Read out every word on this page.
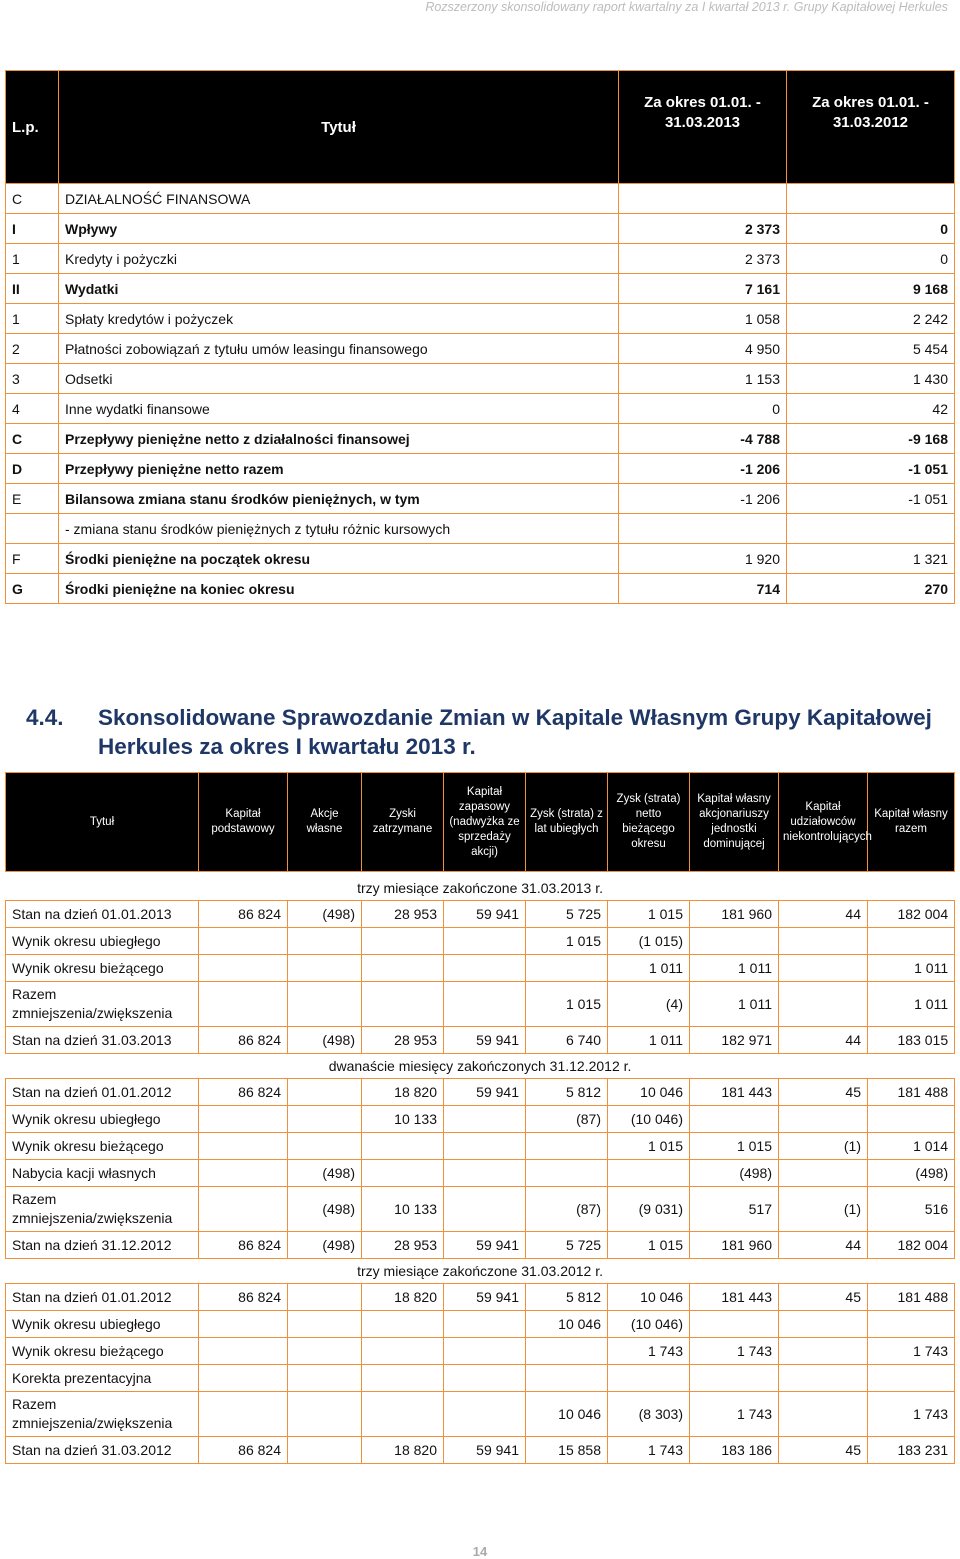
Rozszerzony skonsolidowany raport kwartalny za I kwartał 2013 r. Grupy Kapitałowej Herkules
L.p.	Tytuł	Za okres 01.01. - 31.03.2013	Za okres 01.01. - 31.03.2012
C	DZIAŁALNOŚĆ FINANSOWA		
I	Wpływy	2 373	0
1	Kredyty i pożyczki	2 373	0
II	Wydatki	7 161	9 168
1	Spłaty kredytów i pożyczek	1 058	2 242
2	Płatności zobowiązań z tytułu umów leasingu finansowego	4 950	5 454
3	Odsetki	1 153	1 430
4	Inne wydatki finansowe	0	42
C	Przepływy pieniężne netto z działalności finansowej	-4 788	-9 168
D	Przepływy pieniężne netto razem	-1 206	-1 051
E	Bilansowa zmiana stanu środków pieniężnych, w tym	-1 206	-1 051
	- zmiana stanu środków pieniężnych z tytułu różnic kursowych		
F	Środki pieniężne na początek okresu	1 920	1 321
G	Środki pieniężne na koniec okresu	714	270
4.4. Skonsolidowane Sprawozdanie Zmian w Kapitale Własnym Grupy Kapitałowej Herkules za okres I kwartału 2013 r.
Tytuł	Kapitał podstawowy	Akcje własne	Zyski zatrzymane	Kapitał zapasowy (nadwyżka ze sprzedaży akcji)	Zysk (strata) z lat ubiegłych	Zysk (strata) netto bieżącego okresu	Kapitał własny akcjonariuszy jednostki dominującej	Kapitał udziałowców niekontrolujących	Kapitał własny razem
trzy miesiące zakończone 31.03.2013 r.									
Stan na dzień 01.01.2013	86 824	(498)	28 953	59 941	5 725	1 015	181 960	44	182 004
Wynik okresu ubiegłego					1 015	(1 015)			
Wynik okresu bieżącego						1 011	1 011		1 011
Razem zmniejszenia/zwiększenia					1 015	(4)	1 011		1 011
Stan na dzień 31.03.2013	86 824	(498)	28 953	59 941	6 740	1 011	182 971	44	183 015
dwanaście miesięcy zakończonych 31.12.2012 r.									
Stan na dzień 01.01.2012	86 824		18 820	59 941	5 812	10 046	181 443	45	181 488
Wynik okresu ubiegłego			10 133		(87)	(10 046)			
Wynik okresu bieżącego						1 015	1 015	(1)	1 014
Nabycia kacji własnych		(498)					(498)		(498)
Razem zmniejszenia/zwiększenia		(498)	10 133		(87)	(9 031)	517	(1)	516
Stan na dzień 31.12.2012	86 824	(498)	28 953	59 941	5 725	1 015	181 960	44	182 004
trzy miesiące zakończone 31.03.2012 r.									
Stan na dzień 01.01.2012	86 824		18 820	59 941	5 812	10 046	181 443	45	181 488
Wynik okresu ubiegłego					10 046	(10 046)			
Wynik okresu bieżącego						1 743	1 743		1 743
Korekta prezentacyjna									
Razem zmniejszenia/zwiększenia					10 046	(8 303)	1 743		1 743
Stan na dzień 31.03.2012	86 824		18 820	59 941	15 858	1 743	183 186	45	183 231
14
